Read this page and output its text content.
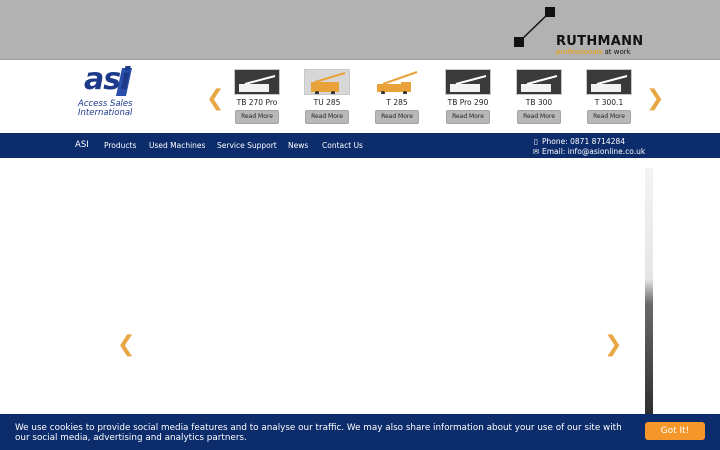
RUTHMANN
professionals at work
asi
Access Sales
International
❮	❯
TB 270 Pro
Read More
TU 285
Read More
T 285
Read More
TB Pro 290
Read More
TB 300
Read More
T 300.1
Read More
ASI Products Used Machines Service Support News Contact Us	▯ Phone: 0871 8714284
✉ Email: info@asionline.co.uk
❮	❯
We use cookies to provide social media features and to analyse our traffic. We may also share information about your use of our site with our social media, advertising and analytics partners.
Got It!
